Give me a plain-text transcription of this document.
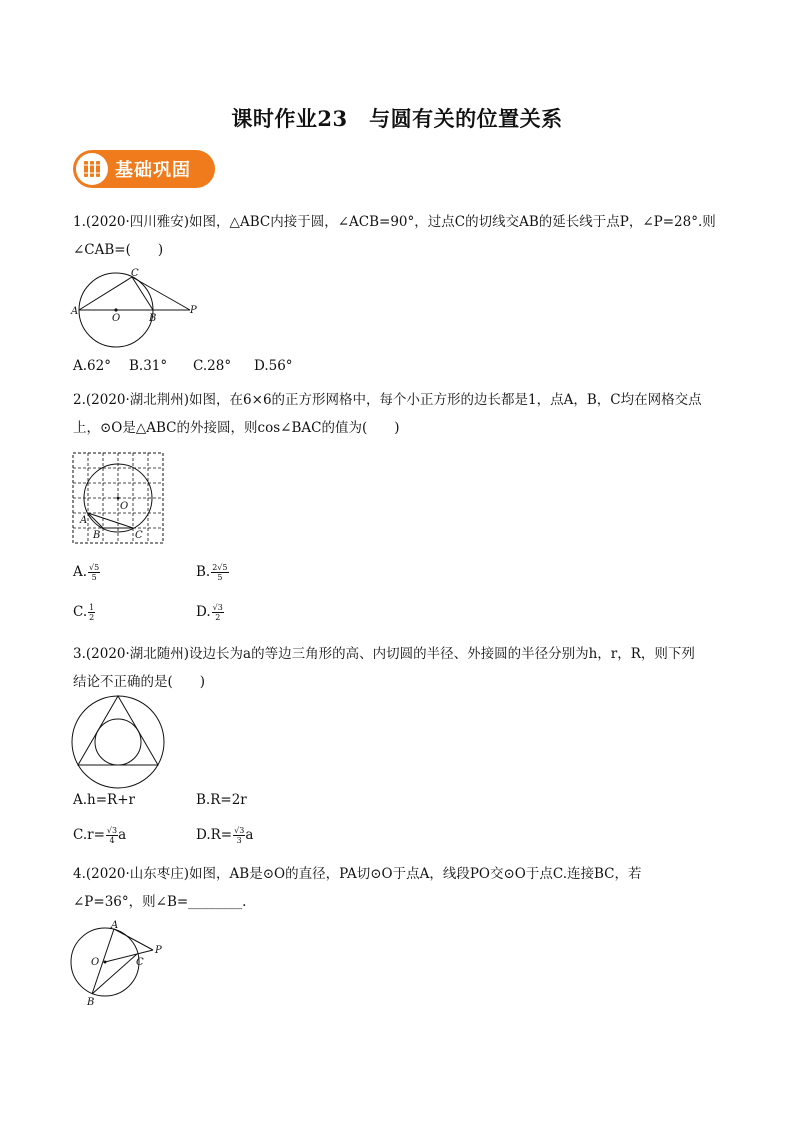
课时作业23　与圆有关的位置关系
基础巩固
1.(2020·四川雅安)如图，△ABC内接于圆，∠ACB=90°，过点C的切线交AB的延长线于点P，∠P=28°.则
∠CAB=(　　)
A
C
O	B
P
A.62° B.31° C.28° D.56°
2.(2020·湖北荆州)如图，在6×6的正方形网格中，每个小正方形的边长都是1，点A，B，C均在网格交点
上，⊙O是△ABC的外接圆，则cos∠BAC的值为(　　)
O
A
B	C
A. $\frac{√5}{5}$	B. $\frac{2√5}{5}$
C. $\frac{1}{2}$	D. $\frac{√3}{2}$
3.(2020·湖北随州)设边长为a的等边三角形的高、内切圆的半径、外接圆的半径分别为h，r，R，则下列
结论不正确的是(　　)
A.h=R+r	B.R=2r
$C.r= \frac{√3}{4}$ a	$D.R= \frac{√3}{3}$ a
4.(2020·山东枣庄)如图，AB是⊙O的直径，PA切⊙O于点A，线段PO交⊙O于点C.连接BC，若
∠P=36°，则∠B=________.
A
P
C
O
B
